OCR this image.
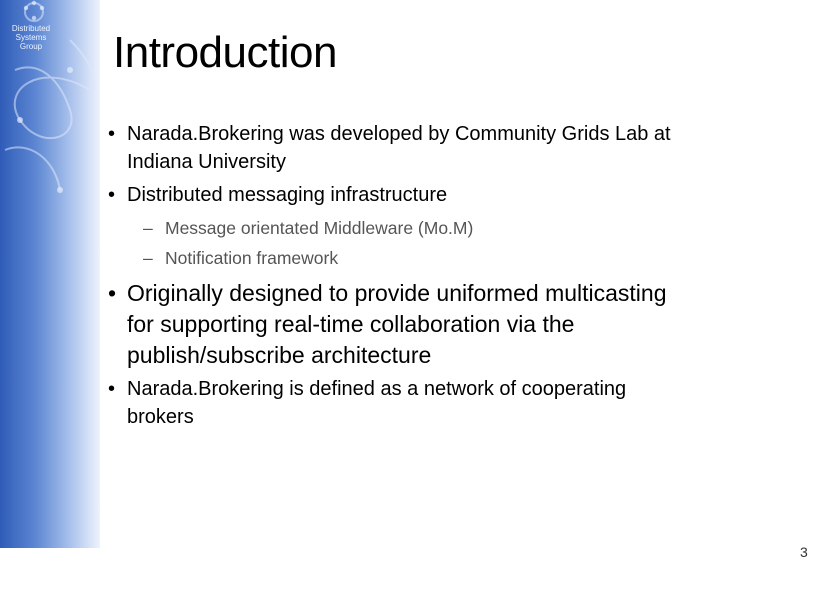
Distributed
Systems
Group	Introduction
• Narada.Brokering was developed by Community Grids Lab at
Indiana University
• Distributed messaging infrastructure
– Message orientated Middleware (Mo.M)
– Notification framework
• Originally designed to provide uniformed multicasting
for supporting real-time collaboration via the
publish/subscribe architecture
• Narada.Brokering is defined as a network of cooperating
brokers
3
